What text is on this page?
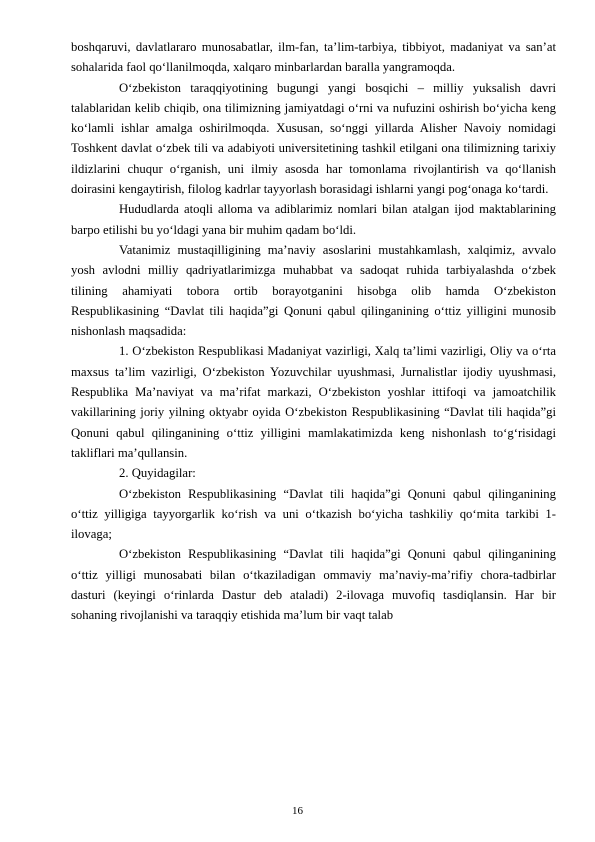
boshqaruvi, davlatlararo munosabatlar, ilm-fan, ta’lim-tarbiya, tibbiyot, madaniyat va san’at sohalarida faol qo‘llanilmoqda, xalqaro minbarlardan baralla yangramoqda.

O‘zbekiston taraqqiyotining bugungi yangi bosqichi – milliy yuksalish davri talablaridan kelib chiqib, ona tilimizning jamiyatdagi o‘rni va nufuzini oshirish bo‘yicha keng ko‘lamli ishlar amalga oshirilmoqda. Xususan, so‘nggi yillarda Alisher Navoiy nomidagi Toshkent davlat o‘zbek tili va adabiyoti universitetining tashkil etilgani ona tilimizning tarixiy ildizlarini chuqur o‘rganish, uni ilmiy asosda har tomonlama rivojlantirish va qo‘llanish doirasini kengaytirish, filolog kadrlar tayyorlash borasidagi ishlarni yangi pog‘onaga ko‘tardi.

Hududlarda atoqli alloma va adiblarimiz nomlari bilan atalgan ijod maktablarining barpo etilishi bu yo‘ldagi yana bir muhim qadam bo‘ldi.

Vatanimiz mustaqilligining ma’naviy asoslarini mustahkamlash, xalqimiz, avvalo yosh avlodni milliy qadriyatlarimizga muhabbat va sadoqat ruhida tarbiyalashda o‘zbek tilining ahamiyati tobora ortib borayotganini hisobga olib hamda O‘zbekiston Respublikasining “Davlat tili haqida”gi Qonuni qabul qilinganining o‘ttiz yilligini munosib nishonlash maqsadida:

1. O‘zbekiston Respublikasi Madaniyat vazirligi, Xalq ta’limi vazirligi, Oliy va o‘rta maxsus ta’lim vazirligi, O‘zbekiston Yozuvchilar uyushmasi, Jurnalistlar ijodiy uyushmasi, Respublika Ma’naviyat va ma’rifat markazi, O‘zbekiston yoshlar ittifoqi va jamoatchilik vakillarining joriy yilning oktyabr oyida O‘zbekiston Respublikasining “Davlat tili haqida”gi Qonuni qabul qilinganining o‘ttiz yilligini mamlakatimizda keng nishonlash to‘g‘risidagi takliflari ma’qullansin.

2. Quyidagilar:

O‘zbekiston Respublikasining “Davlat tili haqida”gi Qonuni qabul qilinganining o‘ttiz yilligiga tayyorgarlik ko‘rish va uni o‘tkazish bo‘yicha tashkiliy qo‘mita tarkibi 1-ilovaga;

O‘zbekiston Respublikasining “Davlat tili haqida”gi Qonuni qabul qilinganining o‘ttiz yilligi munosabati bilan o‘tkaziladigan ommaviy ma’naviy-ma’rifiy chora-tadbirlar dasturi (keyingi o‘rinlarda Dastur deb ataladi) 2-ilovaga muvofiq tasdiqlansin. Har bir sohaning rivojlanishi va taraqqiy etishida ma’lum bir vaqt talab

16
